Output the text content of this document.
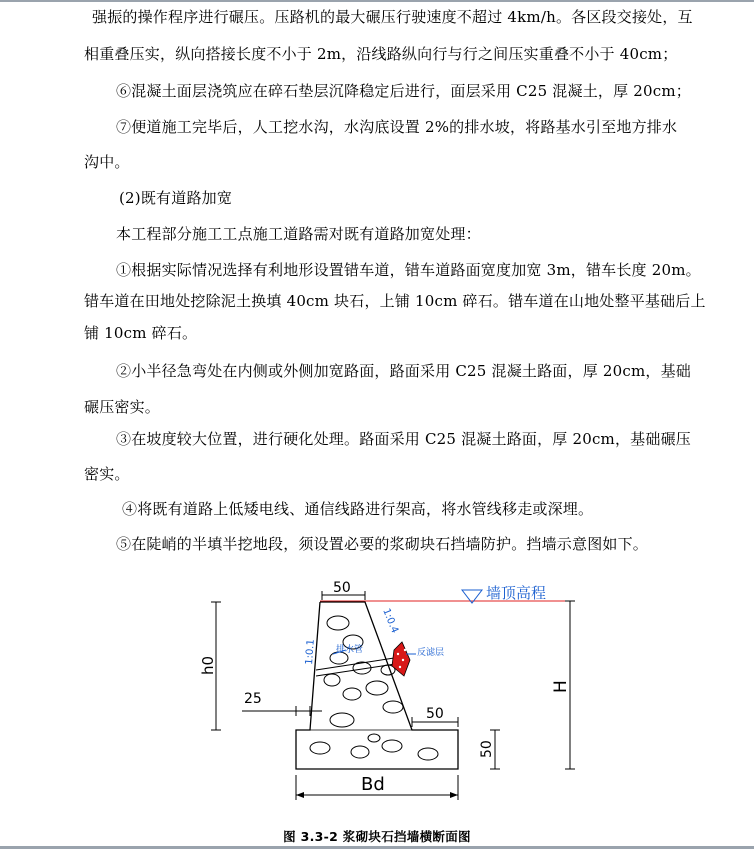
强振的操作程序进行碾压。压路机的最大碾压行驶速度不超过 4km/h。各区段交接处，互
相重叠压实，纵向搭接长度不小于 2m，沿线路纵向行与行之间压实重叠不小于 40cm；
⑥混凝土面层浇筑应在碎石垫层沉降稳定后进行，面层采用 C25 混凝土，厚 20cm；
⑦便道施工完毕后，人工挖水沟，水沟底设置 2%的排水坡，将路基水引至地方排水
沟中。
(2)既有道路加宽
本工程部分施工工点施工道路需对既有道路加宽处理：
①根据实际情况选择有利地形设置错车道，错车道路面宽度加宽 3m，错车长度 20m。
错车道在田地处挖除泥土换填 40cm 块石，上铺 10cm 碎石。错车道在山地处整平基础后上
铺 10cm 碎石。
②小半径急弯处在内侧或外侧加宽路面，路面采用 C25 混凝土路面，厚 20cm，基础
碾压密实。
③在坡度较大位置，进行硬化处理。路面采用 C25 混凝土路面，厚 20cm，基础碾压
密实。
④将既有道路上低矮电线、通信线路进行架高，将水管线移走或深埋。
⑤在陡峭的半填半挖地段，须设置必要的浆砌块石挡墙防护。挡墙示意图如下。
墙顶高程
50
排水管	反滤层
1:0.4
1:0.1
h0
H
25
50
50
Bd
图 3.3-2 浆砌块石挡墙横断面图
